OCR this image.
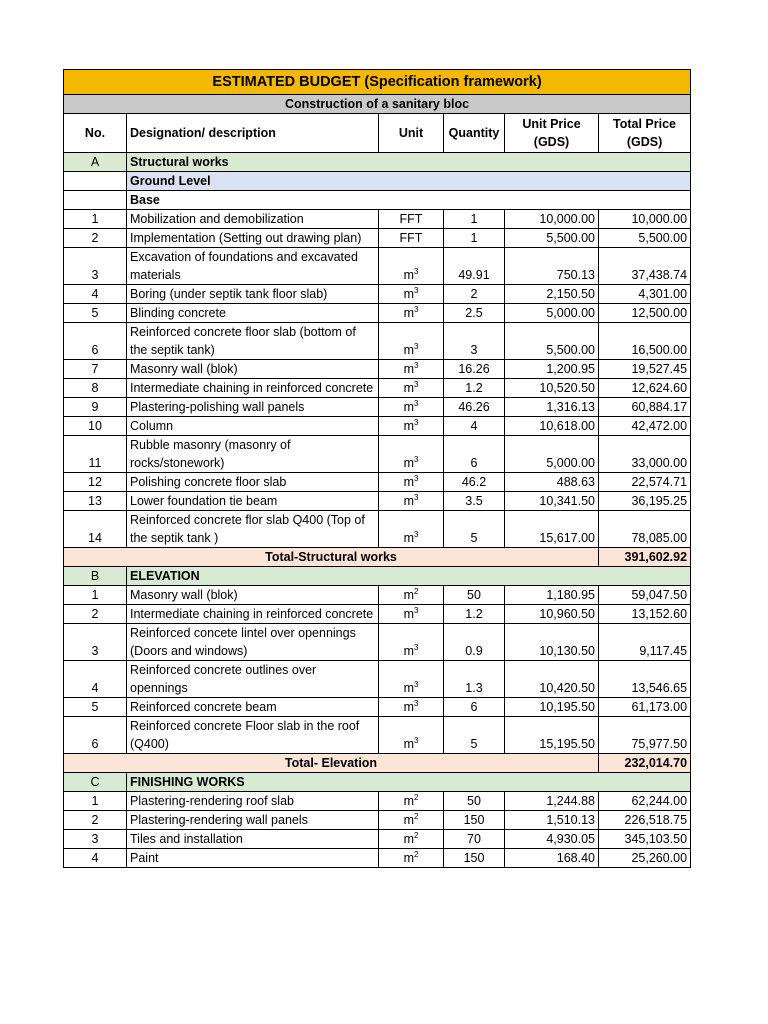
ESTIMATED BUDGET (Specification framework)					
Construction of a sanitary bloc					
No.	Designation/ description	Unit	Quantity	Unit Price (GDS)	Total Price (GDS)
A	Structural works				
	Ground Level				
	Base				
1	Mobilization and demobilization	FFT	1	10,000.00	10,000.00
2	Implementation (Setting out drawing plan)	FFT	1	5,500.00	5,500.00
3	Excavation of foundations and excavated materials	$m^3$	49.91	750.13	37,438.74
4	Boring (under septik tank floor slab)	$m^3$	2	2,150.50	4,301.00
5	Blinding concrete	$m^3$	2.5	5,000.00	12,500.00
6	Reinforced concrete floor slab (bottom of the septik tank)	$m^3$	3	5,500.00	16,500.00
7	Masonry wall (blok)	$m^3$	16.26	1,200.95	19,527.45
8	Intermediate chaining in reinforced concrete	$m^3$	1.2	10,520.50	12,624.60
9	Plastering-polishing wall panels	$m^3$	46.26	1,316.13	60,884.17
10	Column	$m^3$	4	10,618.00	42,472.00
11	Rubble masonry (masonry of rocks/stonework)	$m^3$	6	5,000.00	33,000.00
12	Polishing concrete floor slab	$m^3$	46.2	488.63	22,574.71
13	Lower foundation tie beam	$m^3$	3.5	10,341.50	36,195.25
14	Reinforced concrete flor slab Q400 (Top of the septik tank )	$m^3$	5	15,617.00	78,085.00
Total-Structural works					391,602.92
B	ELEVATION				
1	Masonry wall (blok)	$m^2$	50	1,180.95	59,047.50
2	Intermediate chaining in reinforced concrete	$m^3$	1.2	10,960.50	13,152.60
3	Reinforced concete lintel over opennings (Doors and windows)	$m^3$	0.9	10,130.50	9,117.45
4	Reinforced concrete outlines over opennings	$m^3$	1.3	10,420.50	13,546.65
5	Reinforced concrete beam	$m^3$	6	10,195.50	61,173.00
6	Reinforced concrete Floor slab in the roof (Q400)	$m^3$	5	15,195.50	75,977.50
Total- Elevation					232,014.70
C	FINISHING WORKS				
1	Plastering-rendering roof slab	$m^2$	50	1,244.88	62,244.00
2	Plastering-rendering wall panels	$m^2$	150	1,510.13	226,518.75
3	Tiles and installation	$m^2$	70	4,930.05	345,103.50
4	Paint	$m^2$	150	168.40	25,260.00
